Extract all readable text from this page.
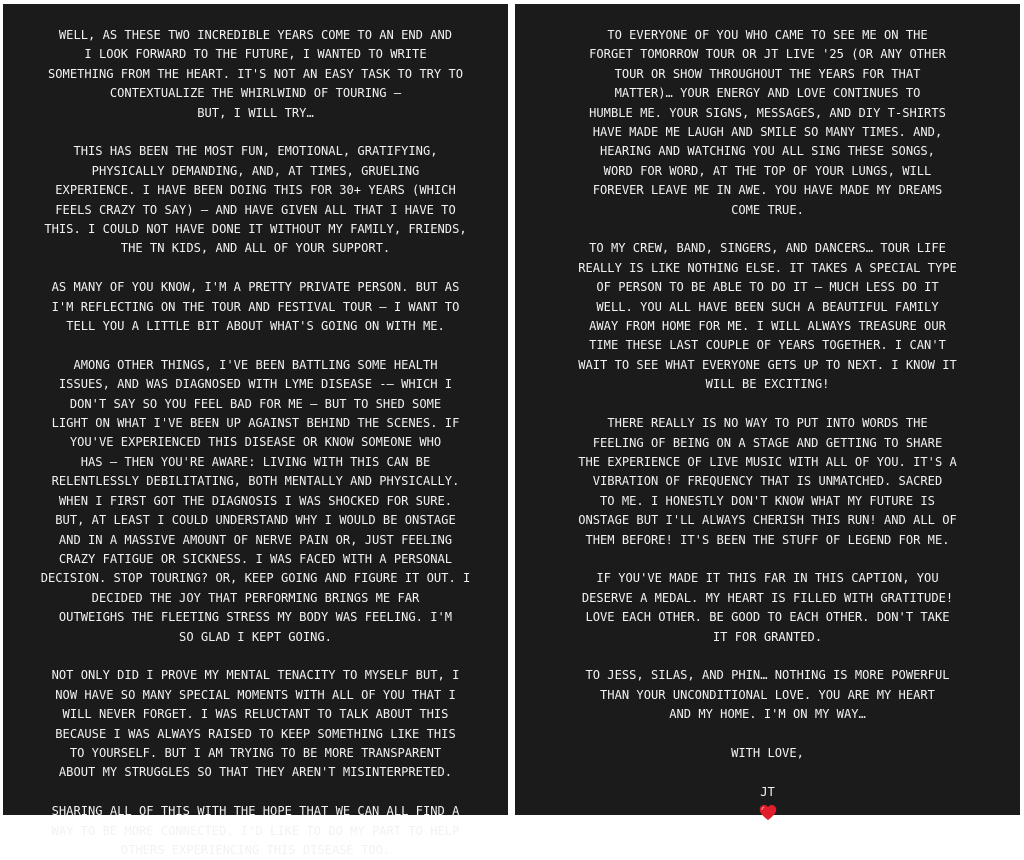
WELL, AS THESE TWO INCREDIBLE YEARS COME TO AN END AND
I LOOK FORWARD TO THE FUTURE, I WANTED TO WRITE
SOMETHING FROM THE HEART. IT'S NOT AN EASY TASK TO TRY TO
CONTEXTUALIZE THE WHIRLWIND OF TOURING —
BUT, I WILL TRY…

THIS HAS BEEN THE MOST FUN, EMOTIONAL, GRATIFYING,
PHYSICALLY DEMANDING, AND, AT TIMES, GRUELING
EXPERIENCE. I HAVE BEEN DOING THIS FOR 30+ YEARS (WHICH
FEELS CRAZY TO SAY) — AND HAVE GIVEN ALL THAT I HAVE TO
THIS. I COULD NOT HAVE DONE IT WITHOUT MY FAMILY, FRIENDS,
THE TN KIDS, AND ALL OF YOUR SUPPORT.

AS MANY OF YOU KNOW, I'M A PRETTY PRIVATE PERSON. BUT AS
I'M REFLECTING ON THE TOUR AND FESTIVAL TOUR – I WANT TO
TELL YOU A LITTLE BIT ABOUT WHAT'S GOING ON WITH ME.

AMONG OTHER THINGS, I'VE BEEN BATTLING SOME HEALTH
ISSUES, AND WAS DIAGNOSED WITH LYME DISEASE -— WHICH I
DON'T SAY SO YOU FEEL BAD FOR ME — BUT TO SHED SOME
LIGHT ON WHAT I'VE BEEN UP AGAINST BEHIND THE SCENES. IF
YOU'VE EXPERIENCED THIS DISEASE OR KNOW SOMEONE WHO
HAS — THEN YOU'RE AWARE: LIVING WITH THIS CAN BE
RELENTLESSLY DEBILITATING, BOTH MENTALLY AND PHYSICALLY.
WHEN I FIRST GOT THE DIAGNOSIS I WAS SHOCKED FOR SURE.
BUT, AT LEAST I COULD UNDERSTAND WHY I WOULD BE ONSTAGE
AND IN A MASSIVE AMOUNT OF NERVE PAIN OR, JUST FEELING
CRAZY FATIGUE OR SICKNESS. I WAS FACED WITH A PERSONAL
DECISION. STOP TOURING? OR, KEEP GOING AND FIGURE IT OUT. I
DECIDED THE JOY THAT PERFORMING BRINGS ME FAR
OUTWEIGHS THE FLEETING STRESS MY BODY WAS FEELING. I'M
SO GLAD I KEPT GOING.

NOT ONLY DID I PROVE MY MENTAL TENACITY TO MYSELF BUT, I
NOW HAVE SO MANY SPECIAL MOMENTS WITH ALL OF YOU THAT I
WILL NEVER FORGET. I WAS RELUCTANT TO TALK ABOUT THIS
BECAUSE I WAS ALWAYS RAISED TO KEEP SOMETHING LIKE THIS
TO YOURSELF. BUT I AM TRYING TO BE MORE TRANSPARENT
ABOUT MY STRUGGLES SO THAT THEY AREN'T MISINTERPRETED.

SHARING ALL OF THIS WITH THE HOPE THAT WE CAN ALL FIND A
WAY TO BE MORE CONNECTED. I'D LIKE TO DO MY PART TO HELP
OTHERS EXPERIENCING THIS DISEASE TOO.

TO EVERYONE OF YOU WHO CAME TO SEE ME ON THE
FORGET TOMORROW TOUR OR JT LIVE '25 (OR ANY OTHER
TOUR OR SHOW THROUGHOUT THE YEARS FOR THAT
MATTER)… YOUR ENERGY AND LOVE CONTINUES TO
HUMBLE ME. YOUR SIGNS, MESSAGES, AND DIY T-SHIRTS
HAVE MADE ME LAUGH AND SMILE SO MANY TIMES. AND,
HEARING AND WATCHING YOU ALL SING THESE SONGS,
WORD FOR WORD, AT THE TOP OF YOUR LUNGS, WILL
FOREVER LEAVE ME IN AWE. YOU HAVE MADE MY DREAMS
COME TRUE.

TO MY CREW, BAND, SINGERS, AND DANCERS… TOUR LIFE
REALLY IS LIKE NOTHING ELSE. IT TAKES A SPECIAL TYPE
OF PERSON TO BE ABLE TO DO IT — MUCH LESS DO IT
WELL. YOU ALL HAVE BEEN SUCH A BEAUTIFUL FAMILY
AWAY FROM HOME FOR ME. I WILL ALWAYS TREASURE OUR
TIME THESE LAST COUPLE OF YEARS TOGETHER. I CAN'T
WAIT TO SEE WHAT EVERYONE GETS UP TO NEXT. I KNOW IT
WILL BE EXCITING!

THERE REALLY IS NO WAY TO PUT INTO WORDS THE
FEELING OF BEING ON A STAGE AND GETTING TO SHARE
THE EXPERIENCE OF LIVE MUSIC WITH ALL OF YOU. IT'S A
VIBRATION OF FREQUENCY THAT IS UNMATCHED. SACRED
TO ME. I HONESTLY DON'T KNOW WHAT MY FUTURE IS
ONSTAGE BUT I'LL ALWAYS CHERISH THIS RUN! AND ALL OF
THEM BEFORE! IT'S BEEN THE STUFF OF LEGEND FOR ME.

IF YOU'VE MADE IT THIS FAR IN THIS CAPTION, YOU
DESERVE A MEDAL. MY HEART IS FILLED WITH GRATITUDE!
LOVE EACH OTHER. BE GOOD TO EACH OTHER. DON'T TAKE
IT FOR GRANTED.

TO JESS, SILAS, AND PHIN… NOTHING IS MORE POWERFUL
THAN YOUR UNCONDITIONAL LOVE. YOU ARE MY HEART
AND MY HOME. I'M ON MY WAY…

WITH LOVE,

JT
